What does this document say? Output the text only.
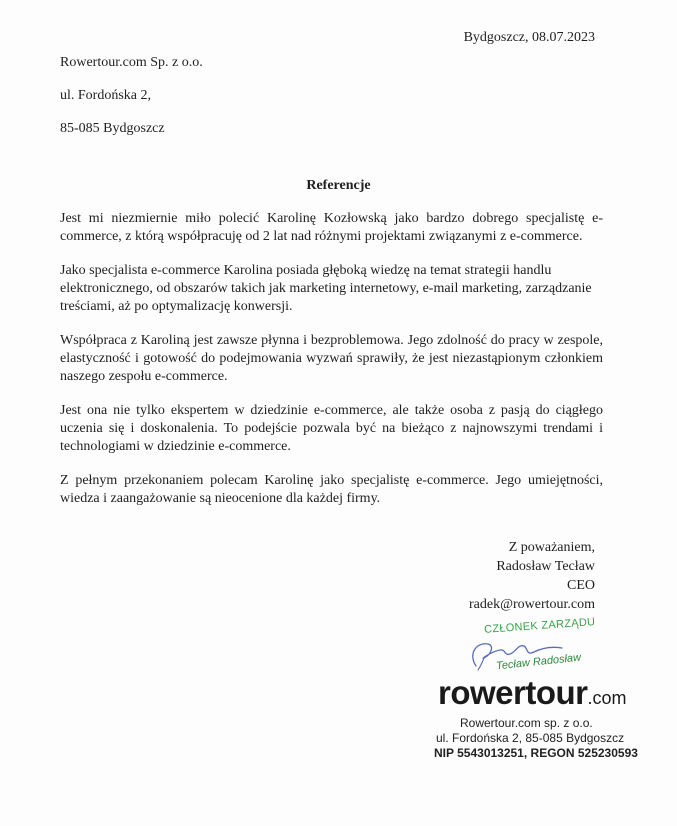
Bydgoszcz, 08.07.2023
Rowertour.com Sp. z o.o.
ul. Fordońska 2,
85-085 Bydgoszcz
Referencje

Jest mi niezmiernie miło polecić Karolinę Kozłowską jako bardzo dobrego specjalistę e-commerce, z którą współpracuję od 2 lat nad różnymi projektami związanymi z e-commerce.

Jako specjalista e-commerce Karolina posiada głęboką wiedzę na temat strategii handlu elektronicznego, od obszarów takich jak marketing internetowy, e-mail marketing, zarządzanie treściami, aż po optymalizację konwersji.

Współpraca z Karoliną jest zawsze płynna i bezproblemowa. Jego zdolność do pracy w zespole, elastyczność i gotowość do podejmowania wyzwań sprawiły, że jest niezastąpionym członkiem naszego zespołu e-commerce.

Jest ona nie tylko ekspertem w dziedzinie e-commerce, ale także osoba z pasją do ciągłego uczenia się i doskonalenia. To podejście pozwala być na bieżąco z najnowszymi trendami i technologiami w dziedzinie e-commerce.

Z pełnym przekonaniem polecam Karolinę jako specjalistę e-commerce. Jego umiejętności, wiedza i zaangażowanie są nieocenione dla każdej firmy.

Z poważaniem,
Radosław Tecław
CEO
radek@rowertour.com
CZŁONEK ZARZĄDU
Tecław Radosław
rowertour.com
Rowertour.com sp. z o.o.
ul. Fordońska 2, 85-085 Bydgoszcz
NIP 5543013251, REGON 525230593
